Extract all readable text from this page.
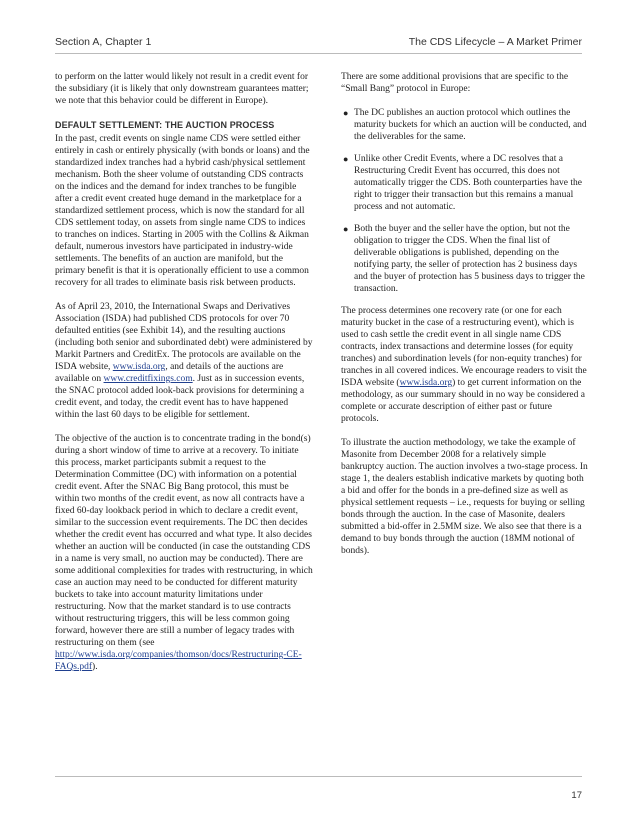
Section A, Chapter 1	The CDS Lifecycle – A Market Primer

to perform on the latter would likely not result in a credit event for the subsidiary (it is likely that only downstream guarantees matter; we note that this behavior could be different in Europe).

DEFAULT SETTLEMENT: THE AUCTION PROCESS

In the past, credit events on single name CDS were settled either entirely in cash or entirely physically (with bonds or loans) and the standardized index tranches had a hybrid cash/physical settlement mechanism. Both the sheer volume of outstanding CDS contracts on the indices and the demand for index tranches to be fungible after a credit event created huge demand in the marketplace for a standardized settlement process, which is now the standard for all CDS settlement today, on assets from single name CDS to indices to tranches on indices. Starting in 2005 with the Collins & Aikman default, numerous investors have participated in industry-wide settlements. The benefits of an auction are manifold, but the primary benefit is that it is operationally efficient to use a common recovery for all trades to eliminate basis risk between products.

As of April 23, 2010, the International Swaps and Derivatives Association (ISDA) had published CDS protocols for over 70 defaulted entities (see Exhibit 14), and the resulting auctions (including both senior and subordinated debt) were administered by Markit Partners and CreditEx. The protocols are available on the ISDA website, www.isda.org, and details of the auctions are available on www.creditfixings.com. Just as in succession events, the SNAC protocol added look-back provisions for determining a credit event, and today, the credit event has to have happened within the last 60 days to be eligible for settlement.

The objective of the auction is to concentrate trading in the bond(s) during a short window of time to arrive at a recovery. To initiate this process, market participants submit a request to the Determination Committee (DC) with information on a potential credit event. After the SNAC Big Bang protocol, this must be within two months of the credit event, as now all contracts have a fixed 60-day lookback period in which to declare a credit event, similar to the succession event requirements. The DC then decides whether the credit event has occurred and what type. It also decides whether an auction will be conducted (in case the outstanding CDS in a name is very small, no auction may be conducted). There are some additional complexities for trades with restructuring, in which case an auction may need to be conducted for different maturity buckets to take into account maturity limitations under restructuring. Now that the market standard is to use contracts without restructuring triggers, this will be less common going forward, however there are still a number of legacy trades with restructuring on them (see http://www.isda.org/companies/thomson/docs/Restructuring-CE-FAQs.pdf).

There are some additional provisions that are specific to the “Small Bang” protocol in Europe:

● The DC publishes an auction protocol which outlines the maturity buckets for which an auction will be conducted, and the deliverables for the same.
● Unlike other Credit Events, where a DC resolves that a Restructuring Credit Event has occurred, this does not automatically trigger the CDS. Both counterparties have the right to trigger their transaction but this remains a manual process and not automatic.
● Both the buyer and the seller have the option, but not the obligation to trigger the CDS. When the final list of deliverable obligations is published, depending on the notifying party, the seller of protection has 2 business days and the buyer of protection has 5 business days to trigger the transaction.

The process determines one recovery rate (or one for each maturity bucket in the case of a restructuring event), which is used to cash settle the credit event in all single name CDS contracts, index transactions and determine losses (for equity tranches) and subordination levels (for non-equity tranches) for tranches in all covered indices. We encourage readers to visit the ISDA website (www.isda.org) to get current information on the methodology, as our summary should in no way be considered a complete or accurate description of either past or future protocols.

To illustrate the auction methodology, we take the example of Masonite from December 2008 for a relatively simple bankruptcy auction. The auction involves a two-stage process. In stage 1, the dealers establish indicative markets by quoting both a bid and offer for the bonds in a pre-defined size as well as physical settlement requests – i.e., requests for buying or selling bonds through the auction. In the case of Masonite, dealers submitted a bid-offer in 2.5MM size. We also see that there is a demand to buy bonds through the auction (18MM notional of bonds).

17
